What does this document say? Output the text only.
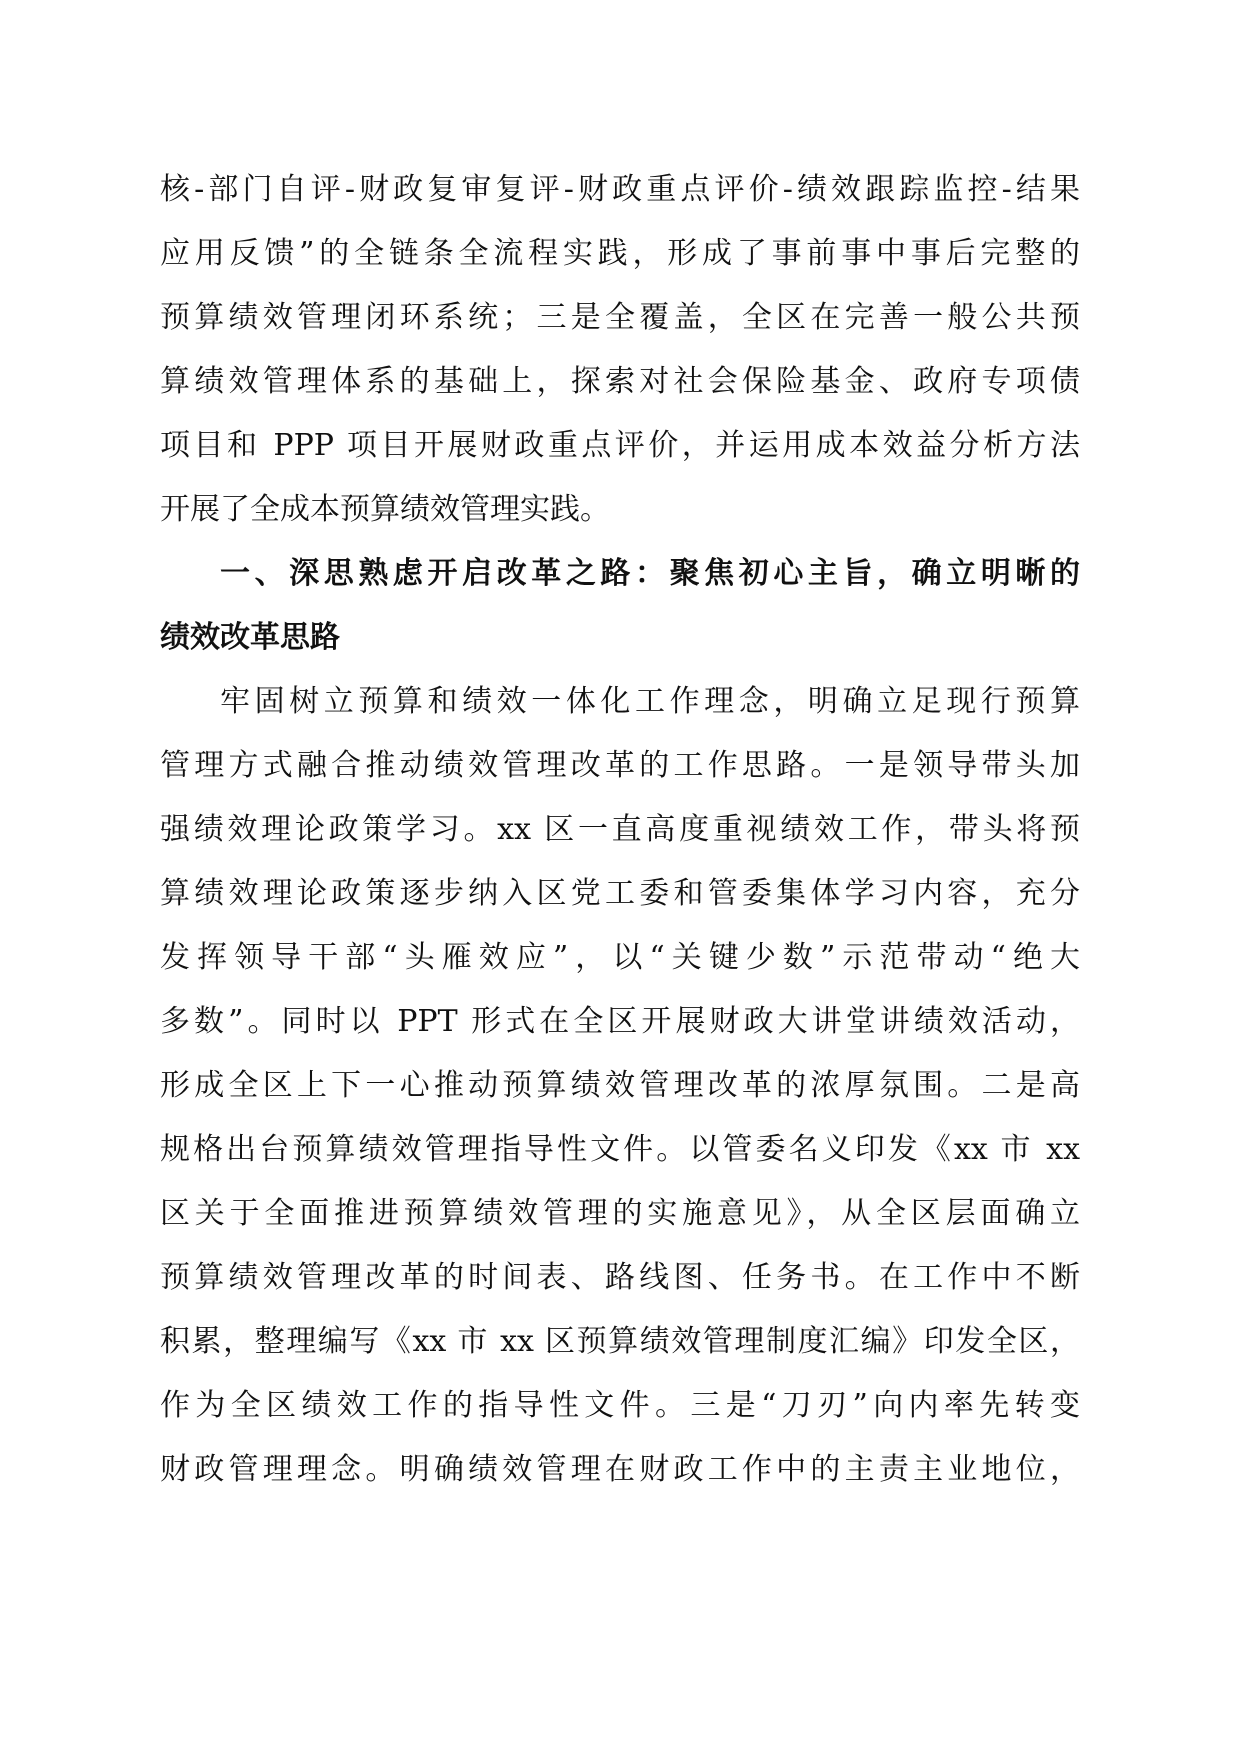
核-部门自评-财政复审复评-财政重点评价-绩效跟踪监控-结果
应用反馈”的全链条全流程实践，形成了事前事中事后完整的
预算绩效管理闭环系统；三是全覆盖，全区在完善一般公共预
算绩效管理体系的基础上，探索对社会保险基金、政府专项债
项目和 PPP 项目开展财政重点评价，并运用成本效益分析方法
开展了全成本预算绩效管理实践。
一、深思熟虑开启改革之路：聚焦初心主旨，确立明晰的
绩效改革思路
牢固树立预算和绩效一体化工作理念，明确立足现行预算
管理方式融合推动绩效管理改革的工作思路。一是领导带头加
强绩效理论政策学习。xx 区一直高度重视绩效工作，带头将预
算绩效理论政策逐步纳入区党工委和管委集体学习内容，充分
发挥领导干部“头雁效应”，以“关键少数”示范带动“绝大
多数”。同时以 PPT 形式在全区开展财政大讲堂讲绩效活动，
形成全区上下一心推动预算绩效管理改革的浓厚氛围。二是高
规格出台预算绩效管理指导性文件。以管委名义印发《xx 市 xx
区关于全面推进预算绩效管理的实施意见》，从全区层面确立
预算绩效管理改革的时间表、路线图、任务书。在工作中不断
积累，整理编写《xx 市 xx 区预算绩效管理制度汇编》印发全区，
作为全区绩效工作的指导性文件。三是“刀刃”向内率先转变
财政管理理念。明确绩效管理在财政工作中的主责主业地位，
